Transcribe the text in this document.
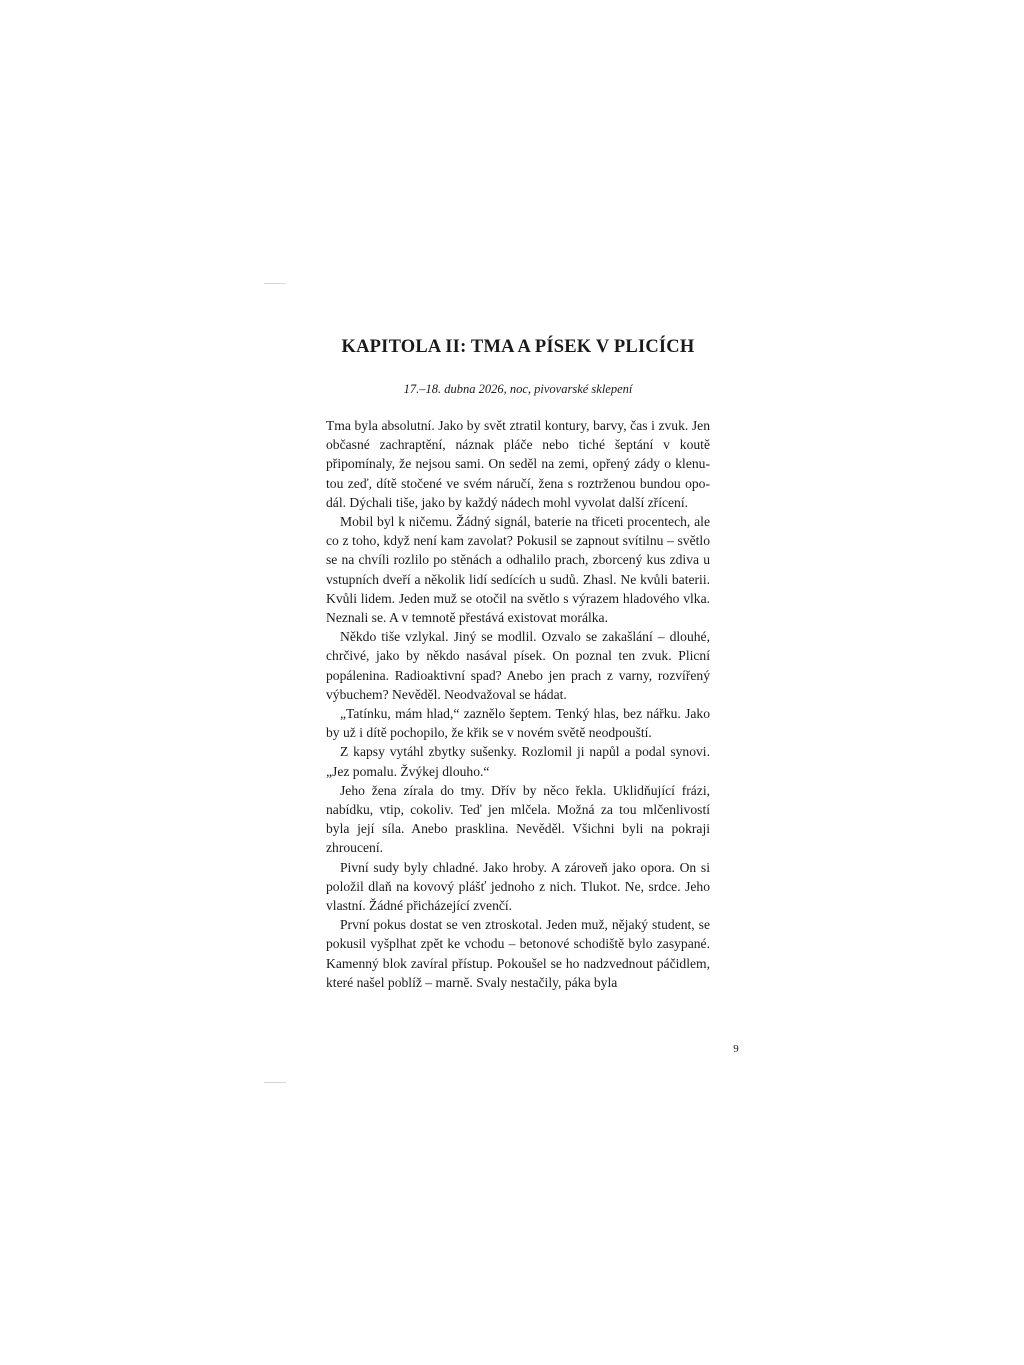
KAPITOLA II: TMA A PÍSEK V PLICÍCH

17.–18. dubna 2026, noc, pivovarské sklepení

Tma byla absolutní. Jako by svět ztratil kontury, barvy, čas i zvuk. Jen občasné zachraptění, náznak pláče nebo tiché šeptání v koutě připomínaly, že nejsou sami. On seděl na zemi, opřený zády o klenutou zeď, dítě stočené ve svém náručí, žena s roztrženou bundou opodál. Dýchali tiše, jako by každý nádech mohl vyvolat další zřícení.

Mobil byl k ničemu. Žádný signál, baterie na třiceti procentech, ale co z toho, když není kam zavolat? Pokusil se zapnout svítilnu – světlo se na chvíli rozlilo po stěnách a odhalilo prach, zborcený kus zdiva u vstupních dveří a několik lidí sedících u sudů. Zhasl. Ne kvůli baterii. Kvůli lidem. Jeden muž se otočil na světlo s výrazem hladového vlka. Neznali se. A v temnotě přestává existovat morálka.

Někdo tiše vzlykal. Jiný se modlil. Ozvalo se zakašlání – dlouhé, chrčivé, jako by někdo nasával písek. On poznal ten zvuk. Plicní popálenina. Radioaktivní spad? Anebo jen prach z varny, rozvířený výbuchem? Nevěděl. Neodvažoval se hádat.

„Tatínku, mám hlad,“ zaznělo šeptem. Tenký hlas, bez nářku. Jako by už i dítě pochopilo, že křik se v novém světě neodpouští.

Z kapsy vytáhl zbytky sušenky. Rozlomil ji napůl a podal synovi. „Jez pomalu. Žvýkej dlouho.“

Jeho žena zírala do tmy. Dřív by něco řekla. Uklidňující frázi, nabídku, vtip, cokoliv. Teď jen mlčela. Možná za tou mlčenlivostí byla její síla. Anebo prasklina. Nevěděl. Všichni byli na pokraji zhroucení.

Pivní sudy byly chladné. Jako hroby. A zároveň jako opora. On si položil dlaň na kovový plášť jednoho z nich. Tlukot. Ne, srdce. Jeho vlastní. Žádné přicházející zvenčí.

První pokus dostat se ven ztroskotal. Jeden muž, nějaký student, se pokusil vyšplhat zpět ke vchodu – betonové schodiště bylo zasypané. Kamenný blok zavíral přístup. Pokoušel se ho nadzvednout páčidlem, které našel poblíž – marně. Svaly nestačily, páka byla

9
